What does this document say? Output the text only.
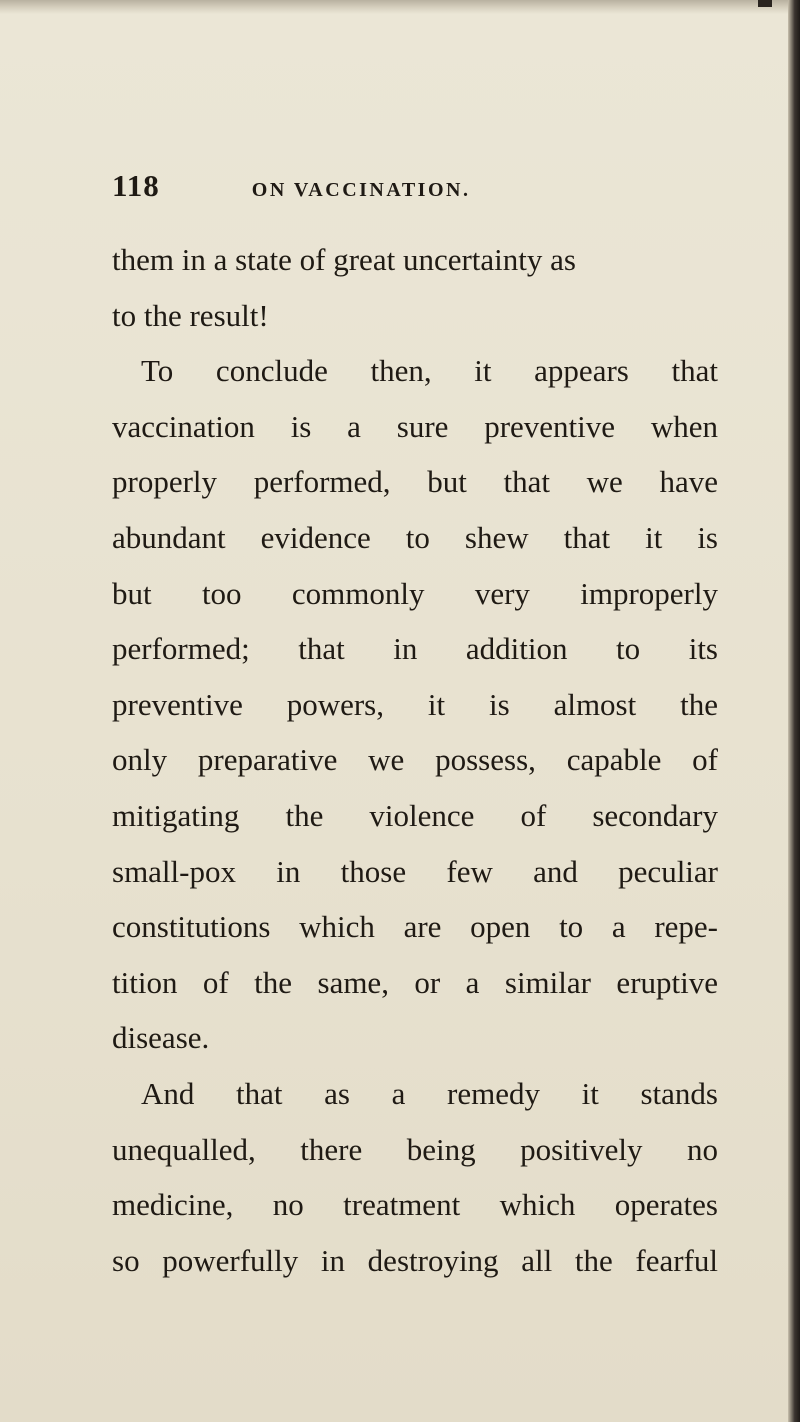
118	ON VACCINATION.
them in a state of great uncertainty as
to the result!
To conclude then, it appears that
vaccination is a sure preventive when
properly performed, but that we have
abundant evidence to shew that it is
but too commonly very improperly
performed; that in addition to its
preventive powers, it is almost the
only preparative we possess, capable of
mitigating the violence of secondary
small-pox in those few and peculiar
constitutions which are open to a repe-
tition of the same, or a similar eruptive
disease.
And that as a remedy it stands
unequalled, there being positively no
medicine, no treatment which operates
so powerfully in destroying all the fearful
